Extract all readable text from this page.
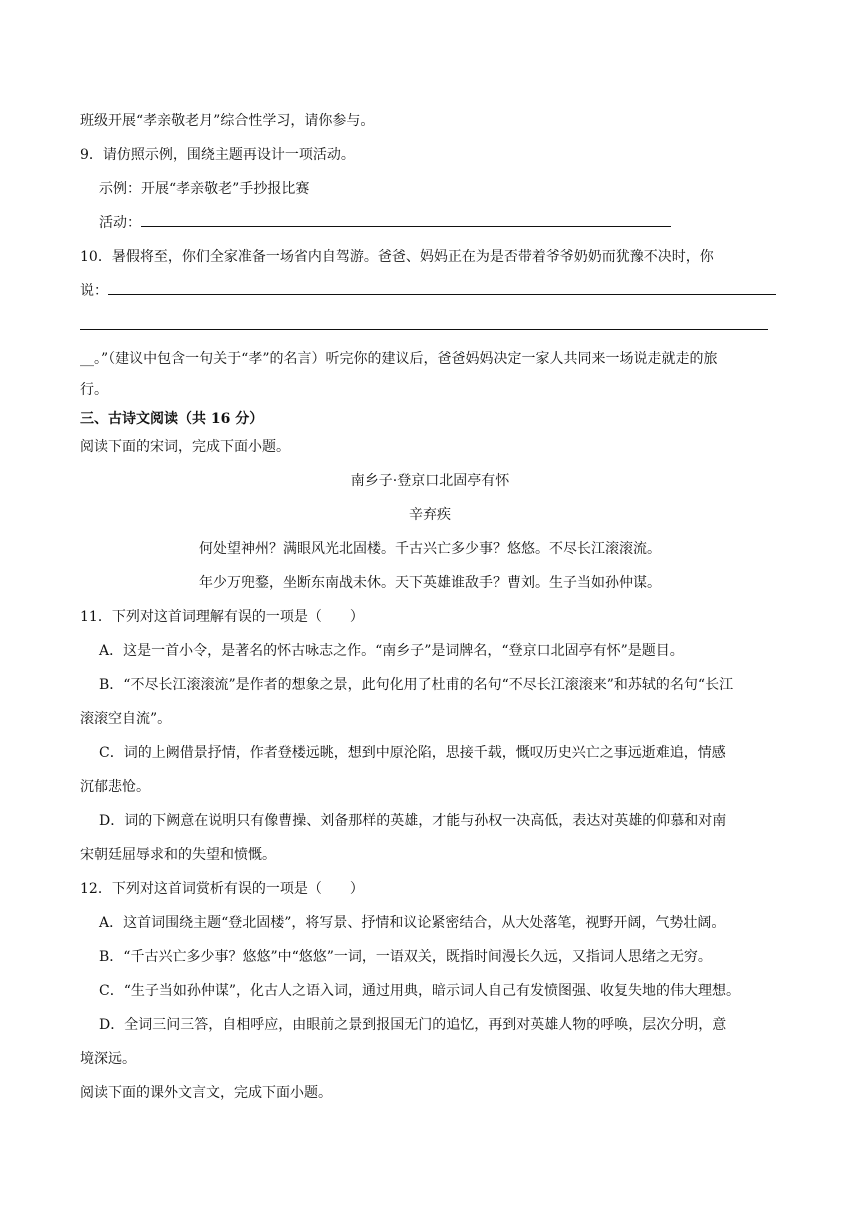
班级开展“孝亲敬老月”综合性学习，请你参与。
9．请仿照示例，围绕主题再设计一项活动。
示例：开展“孝亲敬老”手抄报比赛
活动：
10．暑假将至，你们全家准备一场省内自驾游。爸爸、妈妈正在为是否带着爷爷奶奶而犹豫不决时，你
说：
__。”（建议中包含一句关于“孝”的名言）听完你的建议后，爸爸妈妈决定一家人共同来一场说走就走的旅
行。
三、古诗文阅读（共 16 分）
阅读下面的宋词，完成下面小题。
南乡子·登京口北固亭有怀
辛弃疾
何处望神州？满眼风光北固楼。千古兴亡多少事？悠悠。不尽长江滚滚流。
年少万兜鍪，坐断东南战未休。天下英雄谁敌手？曹刘。生子当如孙仲谋。
11．下列对这首词理解有误的一项是（　　）
A．这是一首小令，是著名的怀古咏志之作。“南乡子”是词牌名，“登京口北固亭有怀”是题目。
B．“不尽长江滚滚流”是作者的想象之景，此句化用了杜甫的名句“不尽长江滚滚来”和苏轼的名句“长江
滚滚空自流”。
C．词的上阙借景抒情，作者登楼远眺，想到中原沦陷，思接千载，慨叹历史兴亡之事远逝难追，情感
沉郁悲怆。
D．词的下阙意在说明只有像曹操、刘备那样的英雄，才能与孙权一决高低，表达对英雄的仰慕和对南
宋朝廷屈辱求和的失望和愤慨。
12．下列对这首词赏析有误的一项是（　　）
A．这首词围绕主题“登北固楼”，将写景、抒情和议论紧密结合，从大处落笔，视野开阔，气势壮阔。
B．“千古兴亡多少事？悠悠”中“悠悠”一词，一语双关，既指时间漫长久远，又指词人思绪之无穷。
C．“生子当如孙仲谋”，化古人之语入词，通过用典，暗示词人自己有发愤图强、收复失地的伟大理想。
D．全词三问三答，自相呼应，由眼前之景到报国无门的追忆，再到对英雄人物的呼唤，层次分明，意
境深远。
阅读下面的课外文言文，完成下面小题。
